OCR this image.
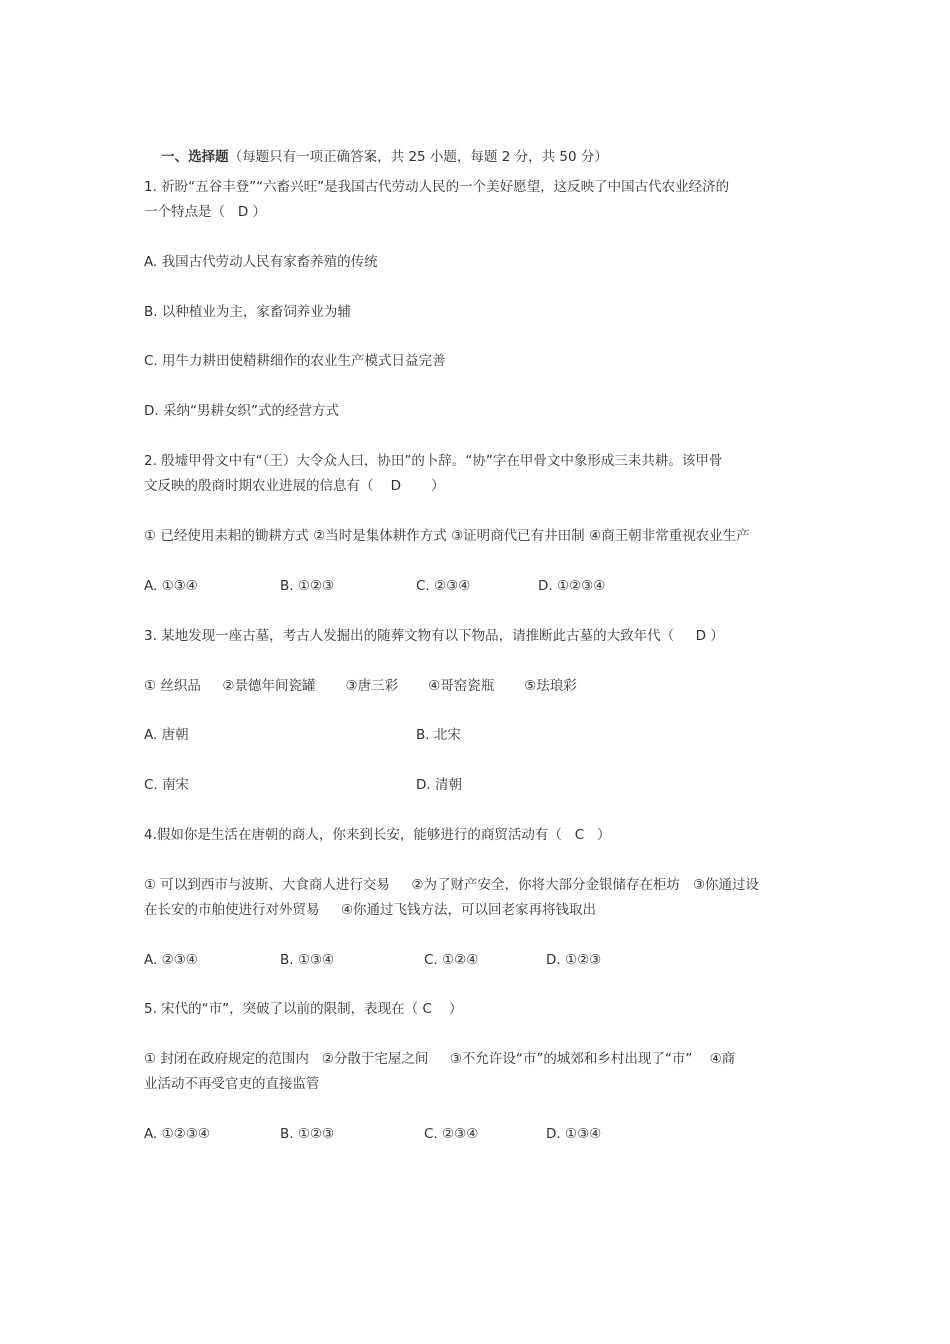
一、选择题（每题只有一项正确答案，共 25 小题，每题 2 分，共 50 分）

1. 祈盼“五谷丰登”“六畜兴旺”是我国古代劳动人民的一个美好愿望，这反映了中国古代农业经济的
一个特点是（   D ）
A. 我国古代劳动人民有家畜养殖的传统
B. 以种植业为主，家畜饲养业为辅
C. 用牛力耕田使精耕细作的农业生产模式日益完善
D. 采纳“男耕女织”式的经营方式
2. 殷墟甲骨文中有“（王）大令众人曰，协田”的卜辞。“协”字在甲骨文中象形成三耒共耕。该甲骨
文反映的殷商时期农业进展的信息有（    D       ）
① 已经使用耒耜的锄耕方式 ②当时是集体耕作方式 ③证明商代已有井田制 ④商王朝非常重视农业生产
A. ①③④	B. ①②③	C. ②③④	D. ①②③④
3. 某地发现一座古墓，考古人发掘出的随葬文物有以下物品，请推断此古墓的大致年代（     D ）
① 丝织品     ②景德年间瓷罐       ③唐三彩       ④哥窑瓷瓶       ⑤珐琅彩
A. 唐朝	B. 北宋
C. 南宋	D. 清朝
4.假如你是生活在唐朝的商人，你来到长安，能够进行的商贸活动有（   C   ）
① 可以到西市与波斯、大食商人进行交易     ②为了财产安全，你将大部分金银储存在柜坊   ③你通过设
在长安的市舶使进行对外贸易     ④你通过飞钱方法，可以回老家再将钱取出
A. ②③④	B. ①③④	C. ①②④	D. ①②③
5. 宋代的“市”，突破了以前的限制，表现在（ C    ）
① 封闭在政府规定的范围内   ②分散于宅屋之间     ③不允许设“市”的城郊和乡村出现了“市”    ④商
业活动不再受官吏的直接监管
A. ①②③④	B. ①②③	C. ②③④	D. ①③④
